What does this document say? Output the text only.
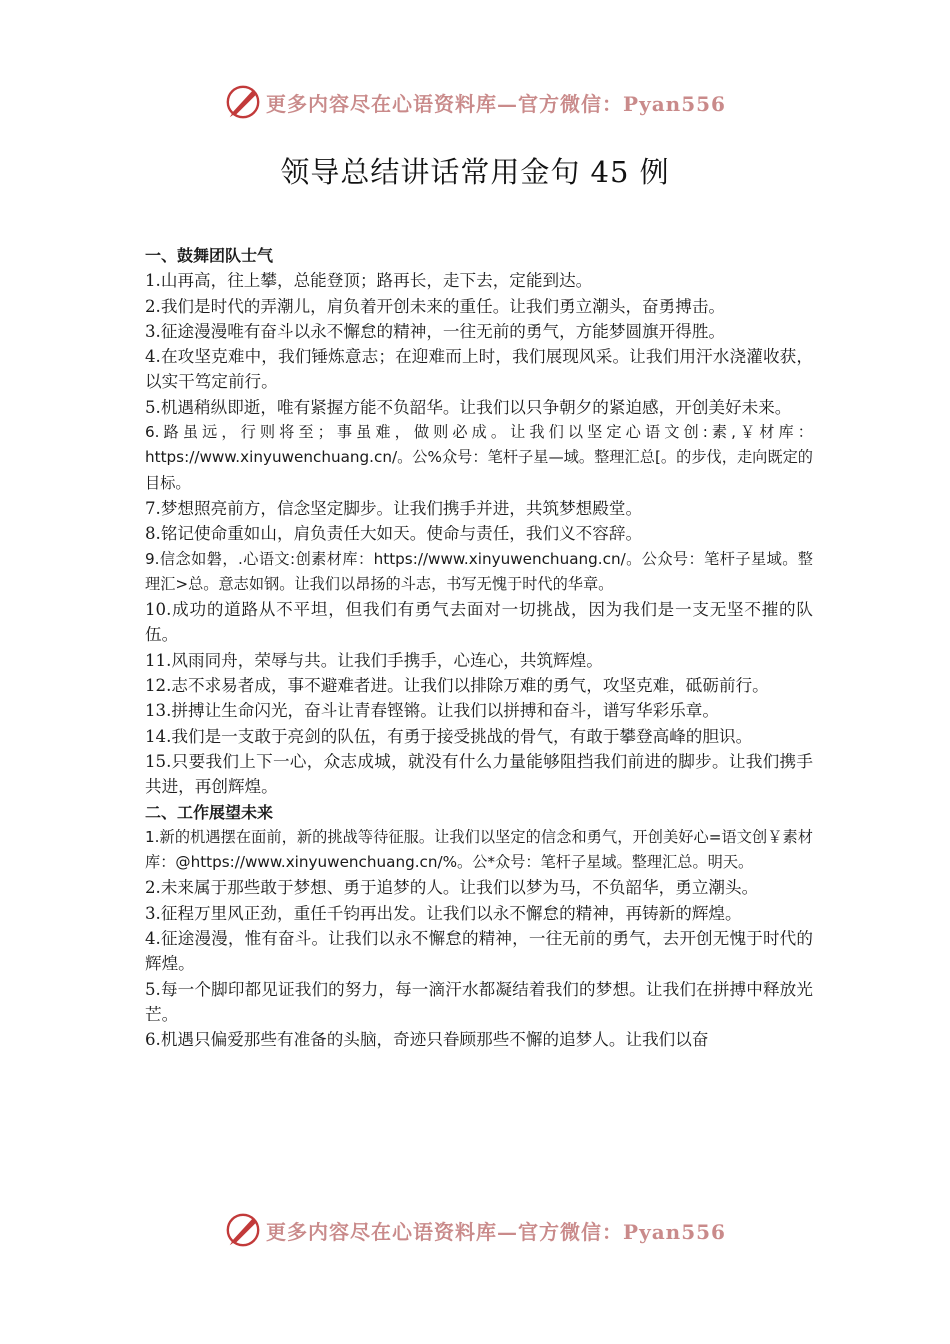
更多内容尽在心语资料库—官方微信：Pyan556
领导总结讲话常用金句 45 例

一、鼓舞团队士气

1.山再高，往上攀，总能登顶；路再长，走下去，定能到达。

2.我们是时代的弄潮儿，肩负着开创未来的重任。让我们勇立潮头，奋勇搏击。

3.征途漫漫唯有奋斗以永不懈怠的精神，一往无前的勇气，方能梦圆旗开得胜。

4.在攻坚克难中，我们锤炼意志；在迎难而上时，我们展现风采。让我们用汗水浇灌收获，以实干笃定前行。

5.机遇稍纵即逝，唯有紧握方能不负韶华。让我们以只争朝夕的紧迫感，开创美好未来。

6.路虽远，行则将至；事虽难，做则必成。让我们以坚定心语文创:素,￥材库：https://www.xinyuwenchuang.cn/。公%众号：笔杆子星—域。整理汇总[。的步伐，走向既定的目标。

7.梦想照亮前方，信念坚定脚步。让我们携手并进，共筑梦想殿堂。

8.铭记使命重如山，肩负责任大如天。使命与责任，我们义不容辞。

9.信念如磐，.心语文:创素材库：https://www.xinyuwenchuang.cn/。公众号：笔杆子星域。整理汇>总。意志如钢。让我们以昂扬的斗志，书写无愧于时代的华章。

10.成功的道路从不平坦，但我们有勇气去面对一切挑战，因为我们是一支无坚不摧的队伍。

11.风雨同舟，荣辱与共。让我们手携手，心连心，共筑辉煌。

12.志不求易者成，事不避难者进。让我们以排除万难的勇气，攻坚克难，砥砺前行。

13.拼搏让生命闪光，奋斗让青春铿锵。让我们以拼搏和奋斗，谱写华彩乐章。

14.我们是一支敢于亮剑的队伍，有勇于接受挑战的骨气，有敢于攀登高峰的胆识。

15.只要我们上下一心，众志成城，就没有什么力量能够阻挡我们前进的脚步。让我们携手共进，再创辉煌。

二、工作展望未来

1.新的机遇摆在面前，新的挑战等待征服。让我们以坚定的信念和勇气，开创美好心=语文创￥素材库：@https://www.xinyuwenchuang.cn/%。公*众号：笔杆子星域。整理汇总。明天。

2.未来属于那些敢于梦想、勇于追梦的人。让我们以梦为马，不负韶华，勇立潮头。

3.征程万里风正劲，重任千钧再出发。让我们以永不懈怠的精神，再铸新的辉煌。

4.征途漫漫，惟有奋斗。让我们以永不懈怠的精神，一往无前的勇气，去开创无愧于时代的辉煌。

5.每一个脚印都见证我们的努力，每一滴汗水都凝结着我们的梦想。让我们在拼搏中释放光芒。

6.机遇只偏爱那些有准备的头脑，奇迹只眷顾那些不懈的追梦人。让我们以奋

更多内容尽在心语资料库—官方微信：Pyan556
